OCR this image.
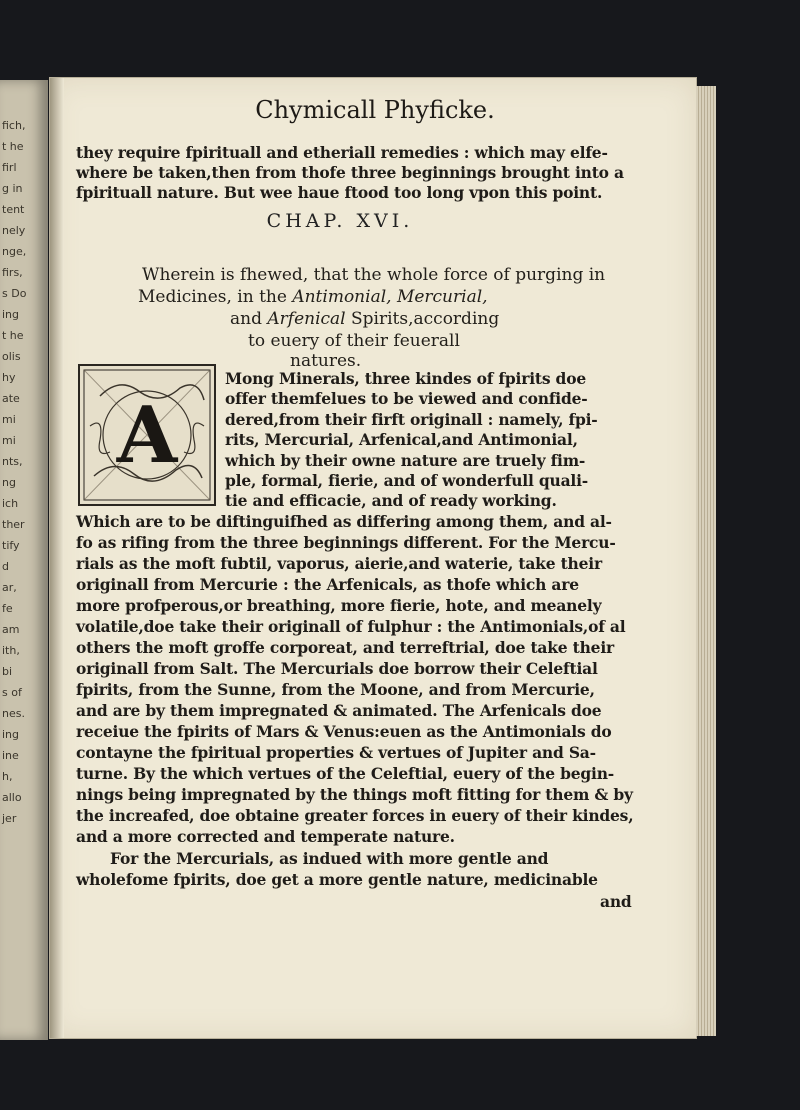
fich,
t he
firl
g in
tent
nely
nge,
firs,
s Do
ing
t he
olis
hy
ate
mi
mi
nts,
ng
ich
ther
tify
d
ar,
fe
am
ith,
bi
s of
nes.
ing
ine
h,
allo
jer
Chymicall Phyficke.
they require fpirituall and etheriall remedies : which may elfe-
where be taken,then from thofe three beginnings brought into a
fpirituall nature. But wee haue ftood too long vpon this point.
CHAP. XVI.
Wherein is fhewed, that the whole force of purging in
Medicines, in the Antimonial, Mercurial,
and Arfenical Spirits,according
to euery of their feuerall
natures.
A
Mong Minerals, three kindes of fpirits doe
offer themfelues to be viewed and confide-
dered,from their firft originall : namely, fpi-
rits, Mercurial, Arfenical,and Antimonial,
which by their owne nature are truely fim-
ple, formal, fierie, and of wonderfull quali-
tie and efficacie, and of ready working.
Which are to be diftinguifhed as differing among them, and al-
fo as rifing from the three beginnings different. For the Mercu-
rials as the moft fubtil, vaporus, aierie,and waterie, take their
originall from Mercurie : the Arfenicals, as thofe which are
more profperous,or breathing, more fierie, hote, and meanely
volatile,doe take their originall of fulphur : the Antimonials,of al
others the moft groffe corporeat, and terreftrial, doe take their
originall from Salt. The Mercurials doe borrow their Celeftial
fpirits, from the Sunne, from the Moone, and from Mercurie,
and are by them impregnated & animated. The Arfenicals doe
receiue the fpirits of Mars & Venus:euen as the Antimonials do
contayne the fpiritual properties & vertues of Jupiter and Sa-
turne. By the which vertues of the Celeftial, euery of the begin-
nings being impregnated by the things moft fitting for them & by
the increafed, doe obtaine greater forces in euery of their kindes,
and a more corrected and temperate nature.
For the Mercurials, as indued with more gentle and
wholefome fpirits, doe get a more gentle nature, medicinable
and
